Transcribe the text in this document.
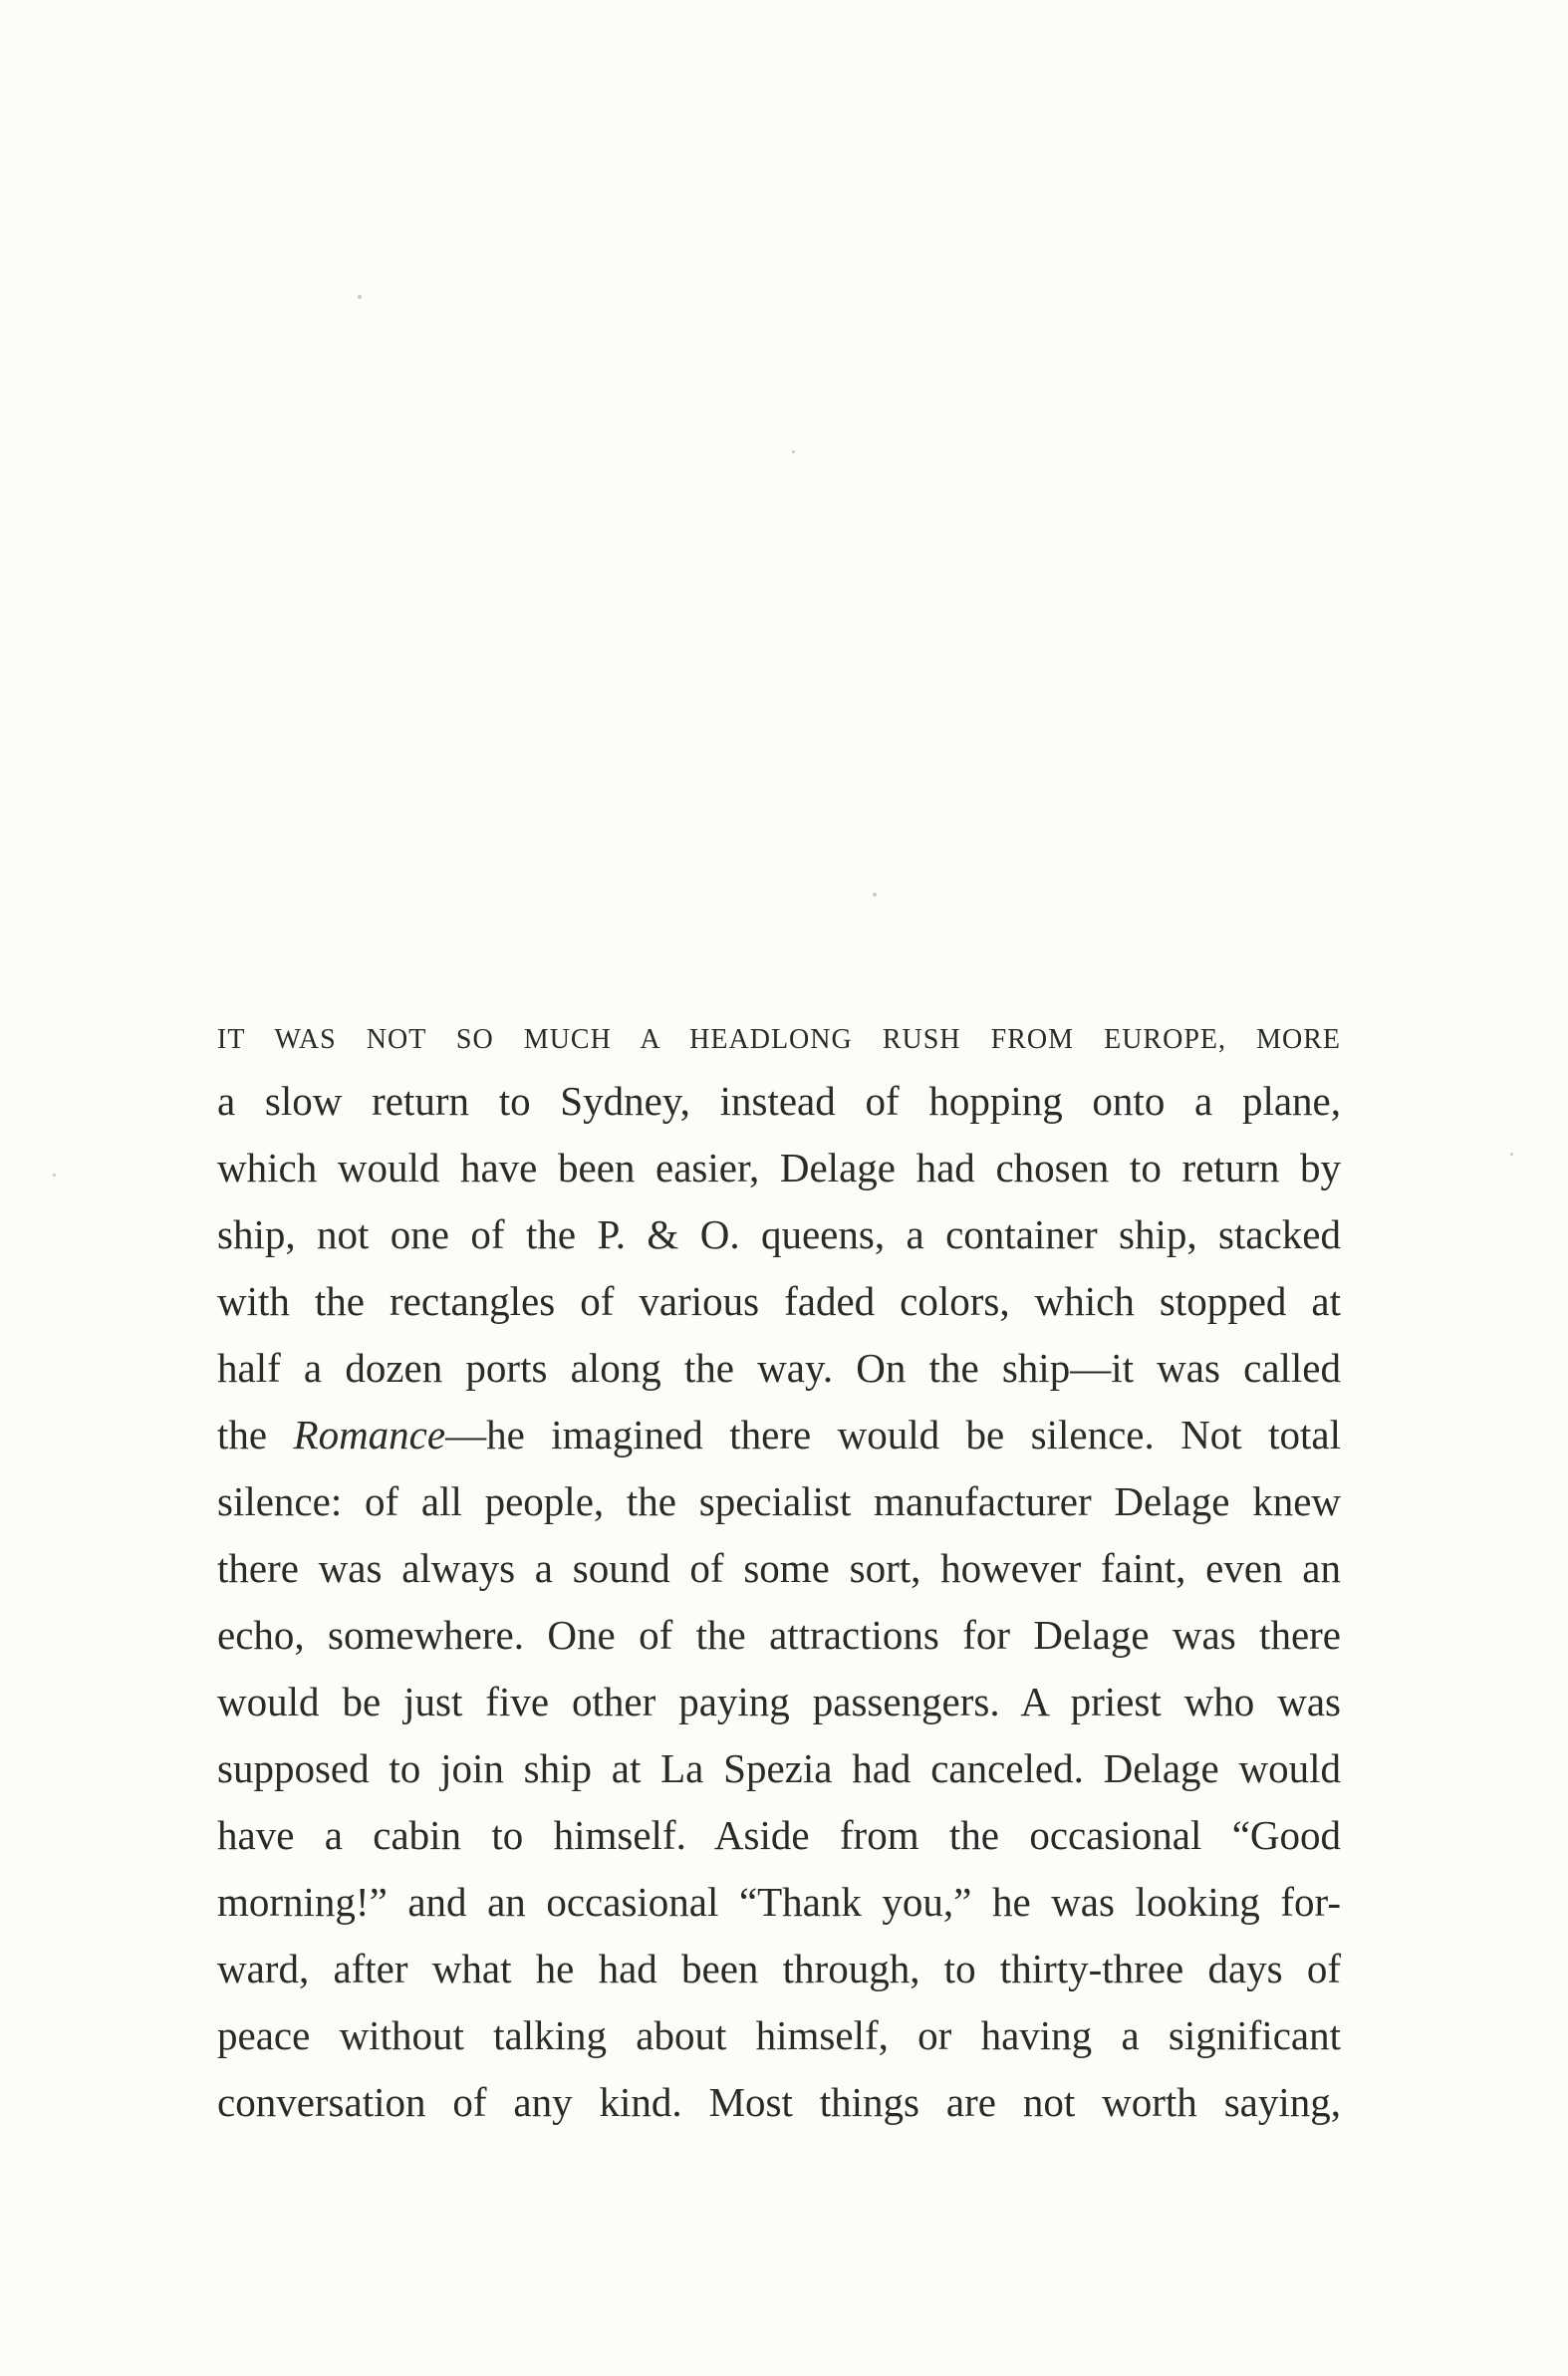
IT WAS NOT SO MUCH A HEADLONG RUSH FROM EUROPE, MORE
a slow return to Sydney, instead of hopping onto a plane,
which would have been easier, Delage had chosen to return by
ship, not one of the P. & O. queens, a container ship, stacked
with the rectangles of various faded colors, which stopped at
half a dozen ports along the way. On the ship—it was called
the Romance—he imagined there would be silence. Not total
silence: of all people, the specialist manufacturer Delage knew
there was always a sound of some sort, however faint, even an
echo, somewhere. One of the attractions for Delage was there
would be just five other paying passengers. A priest who was
supposed to join ship at La Spezia had canceled. Delage would
have a cabin to himself. Aside from the occasional “Good
morning!” and an occasional “Thank you,” he was looking for-
ward, after what he had been through, to thirty-three days of
peace without talking about himself, or having a significant
conversation of any kind. Most things are not worth saying,
